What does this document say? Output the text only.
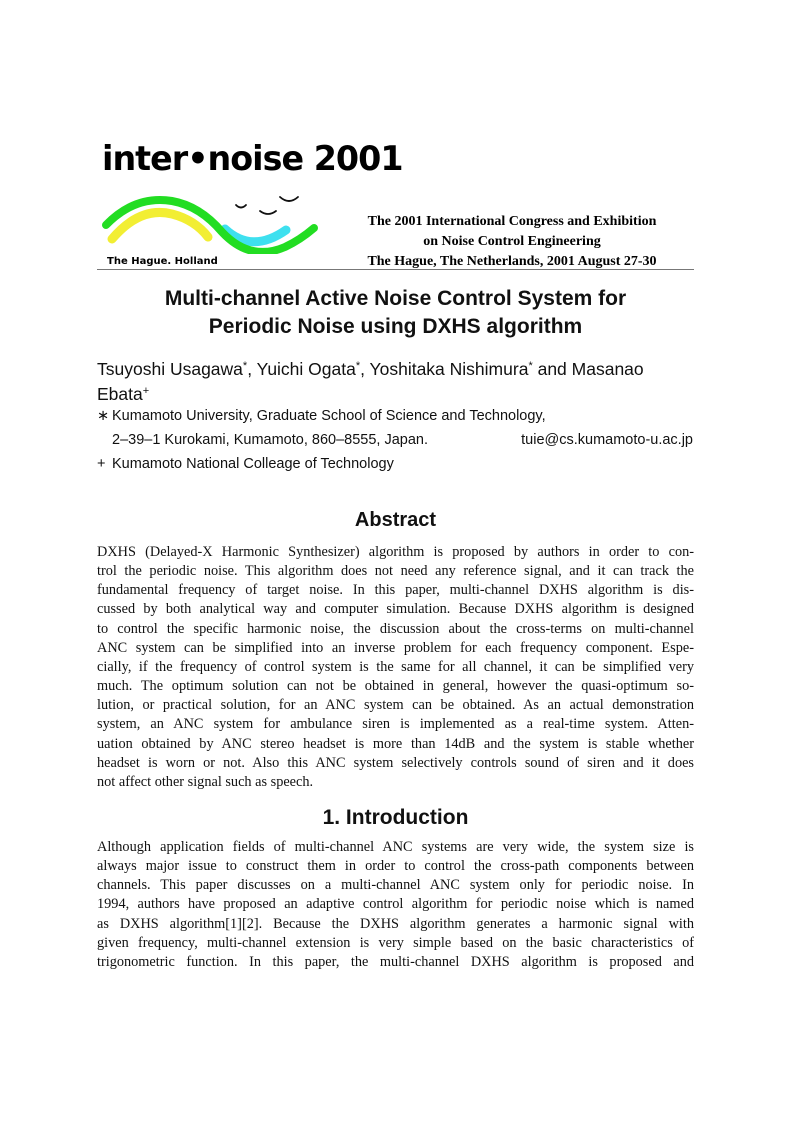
inter•noise 2001
The Hague. Holland
The 2001 International Congress and Exhibition
on Noise Control Engineering
The Hague, The Netherlands, 2001 August 27-30
Multi-channel Active Noise Control System for
Periodic Noise using DXHS algorithm
Tsuyoshi Usagawa*, Yuichi Ogata*, Yoshitaka Nishimura* and Masanao
Ebata+
∗ Kumamoto University, Graduate School of Science and Technology,
2–39–1 Kurokami, Kumamoto, 860–8555, Japan.	tuie@cs.kumamoto-u.ac.jp
+ Kumamoto National Colleage of Technology
Abstract
DXHS (Delayed-X Harmonic Synthesizer) algorithm is proposed by authors in order to con-
trol the periodic noise. This algorithm does not need any reference signal, and it can track the
fundamental frequency of target noise. In this paper, multi-channel DXHS algorithm is dis-
cussed by both analytical way and computer simulation. Because DXHS algorithm is designed
to control the specific harmonic noise, the discussion about the cross-terms on multi-channel
ANC system can be simplified into an inverse problem for each frequency component. Espe-
cially, if the frequency of control system is the same for all channel, it can be simplified very
much. The optimum solution can not be obtained in general, however the quasi-optimum so-
lution, or practical solution, for an ANC system can be obtained. As an actual demonstration
system, an ANC system for ambulance siren is implemented as a real-time system. Atten-
uation obtained by ANC stereo headset is more than 14dB and the system is stable whether
headset is worn or not. Also this ANC system selectively controls sound of siren and it does
not affect other signal such as speech.
1. Introduction
Although application fields of multi-channel ANC systems are very wide, the system size is
always major issue to construct them in order to control the cross-path components between
channels. This paper discusses on a multi-channel ANC system only for periodic noise. In
1994, authors have proposed an adaptive control algorithm for periodic noise which is named
as DXHS algorithm[1][2]. Because the DXHS algorithm generates a harmonic signal with
given frequency, multi-channel extension is very simple based on the basic characteristics of
trigonometric function. In this paper, the multi-channel DXHS algorithm is proposed and
